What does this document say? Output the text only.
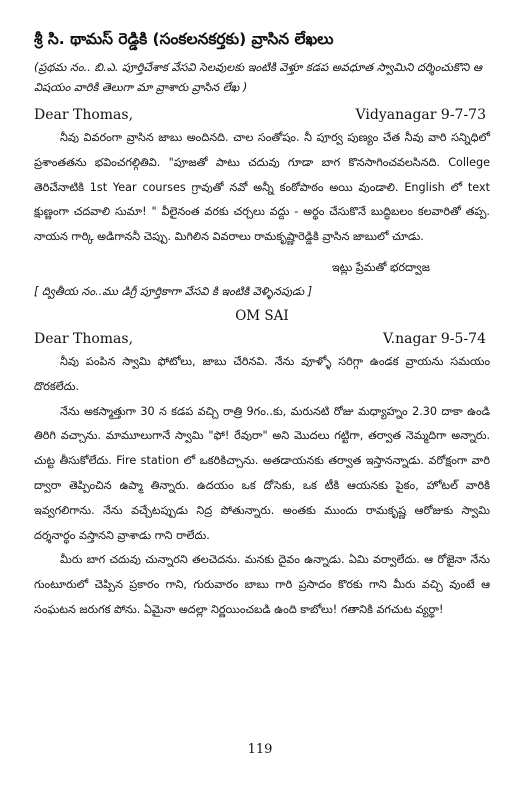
శ్రీ సి. థామస్ రెడ్డికి (సంకలనకర్తకు) వ్రాసిన లేఖలు
(ప్రథమ నం.. బి.ఎ. పూర్తిచేశాక వేసవి సెలవులకు ఇంటికి వెళ్తూ కడప అవధూత స్వామిని దర్శించుకొని ఆ విషయం వారికి తెలుగా మా వ్రాశారు వ్రాసిన లేఖ )
Dear Thomas,	Vidyanagar 9-7-73

నీవు వివరంగా వ్రాసిన జాబు అందినది. చాల సంతోషం. నీ పూర్వ పుణ్యం చేత నీవు వారి సన్నిధిలో ప్రశాంతతను భవించగల్గితివి. "పూజతో పాటు చదువు గూడా బాగ కొనసాగించవలసినది. College తెరిచేనాటికి 1st Year courses గ్రావుతో నవో అన్నీ కంఠోపాఠం అయి వుండాలి. English లో text క్షుణ్ణంగా చదవాలి సుమా! " వీలైనంత వరకు చర్చలు వద్దు - అర్థం చేసుకొనే బుద్ధిబలం కలవారితో తప్ప. నాయన గార్కి అడిగాననీ చెప్పు. మిగిలిన వివరాలు రామకృష్ణారెడ్డికి వ్రాసిన జాబులో చూడు.

ఇట్లు ప్రేమతో భరద్వాజ
[ ద్వితీయ నం..ము డిగ్రీ పూర్తికాగా వేసవి కి ఇంటికి వెళ్ళినపుడు ]
OM SAI
Dear Thomas,	V.nagar 9-5-74

నీవు పంపిన స్వామి ఫోటోలు, జాబు చేరినవి. నేను వూళ్ళో సరిగ్గా ఉండక వ్రాయను సమయం దొరకలేదు.

నేను అకస్మాత్తుగా 30 న కడప వచ్చి రాత్రి 9గం..కు, మరునటి రోజు మధ్యాహ్నం 2.30 దాకా ఉండి తిరిగి వచ్చాను. మామూలుగానే స్వామి "ఫో! రేవురా" అని మొదలు గట్టిగా, తర్వాత నెమ్మదిగా అన్నారు. చుట్ట తీసుకోలేదు. Fire station లో ఒకరికిచ్చాను. అతడాయనకు తర్వాత ఇస్తానన్నాడు. వరోక్షంగా వారి ద్వారా తెప్పించిన ఉప్మా తిన్నారు. ఉదయం ఒక దోసెకు, ఒక టీకి ఆయనకు పైకం, హోటల్ వారికి ఇవ్వగలిగాను. నేను వచ్చేటప్పుడు నిద్ర పోతున్నారు. అంతకు ముందు రామకృష్ణ ఆరోజుకు స్వామి దర్శనార్థం వస్తానని వ్రాశాడు గాని రాలేదు.

మీరు బాగ చదువు చున్నారని తలచెదను. మనకు దైవం ఉన్నాడు. ఏమి వర్వాలేదు. ఆ రోజైనా నేను గుంటూరులో చెప్పిన ప్రకారం గాని, గురువారం బాబు గారి ప్రసాదం కొరకు గాని మీరు వచ్చి వుంటే ఆ సంఘటన జరుగక పోను. ఏమైనా అదల్లా నిర్ణయించబడి ఉంది కాబోలు! గతానికి వగచుట వ్యర్థా!

119
